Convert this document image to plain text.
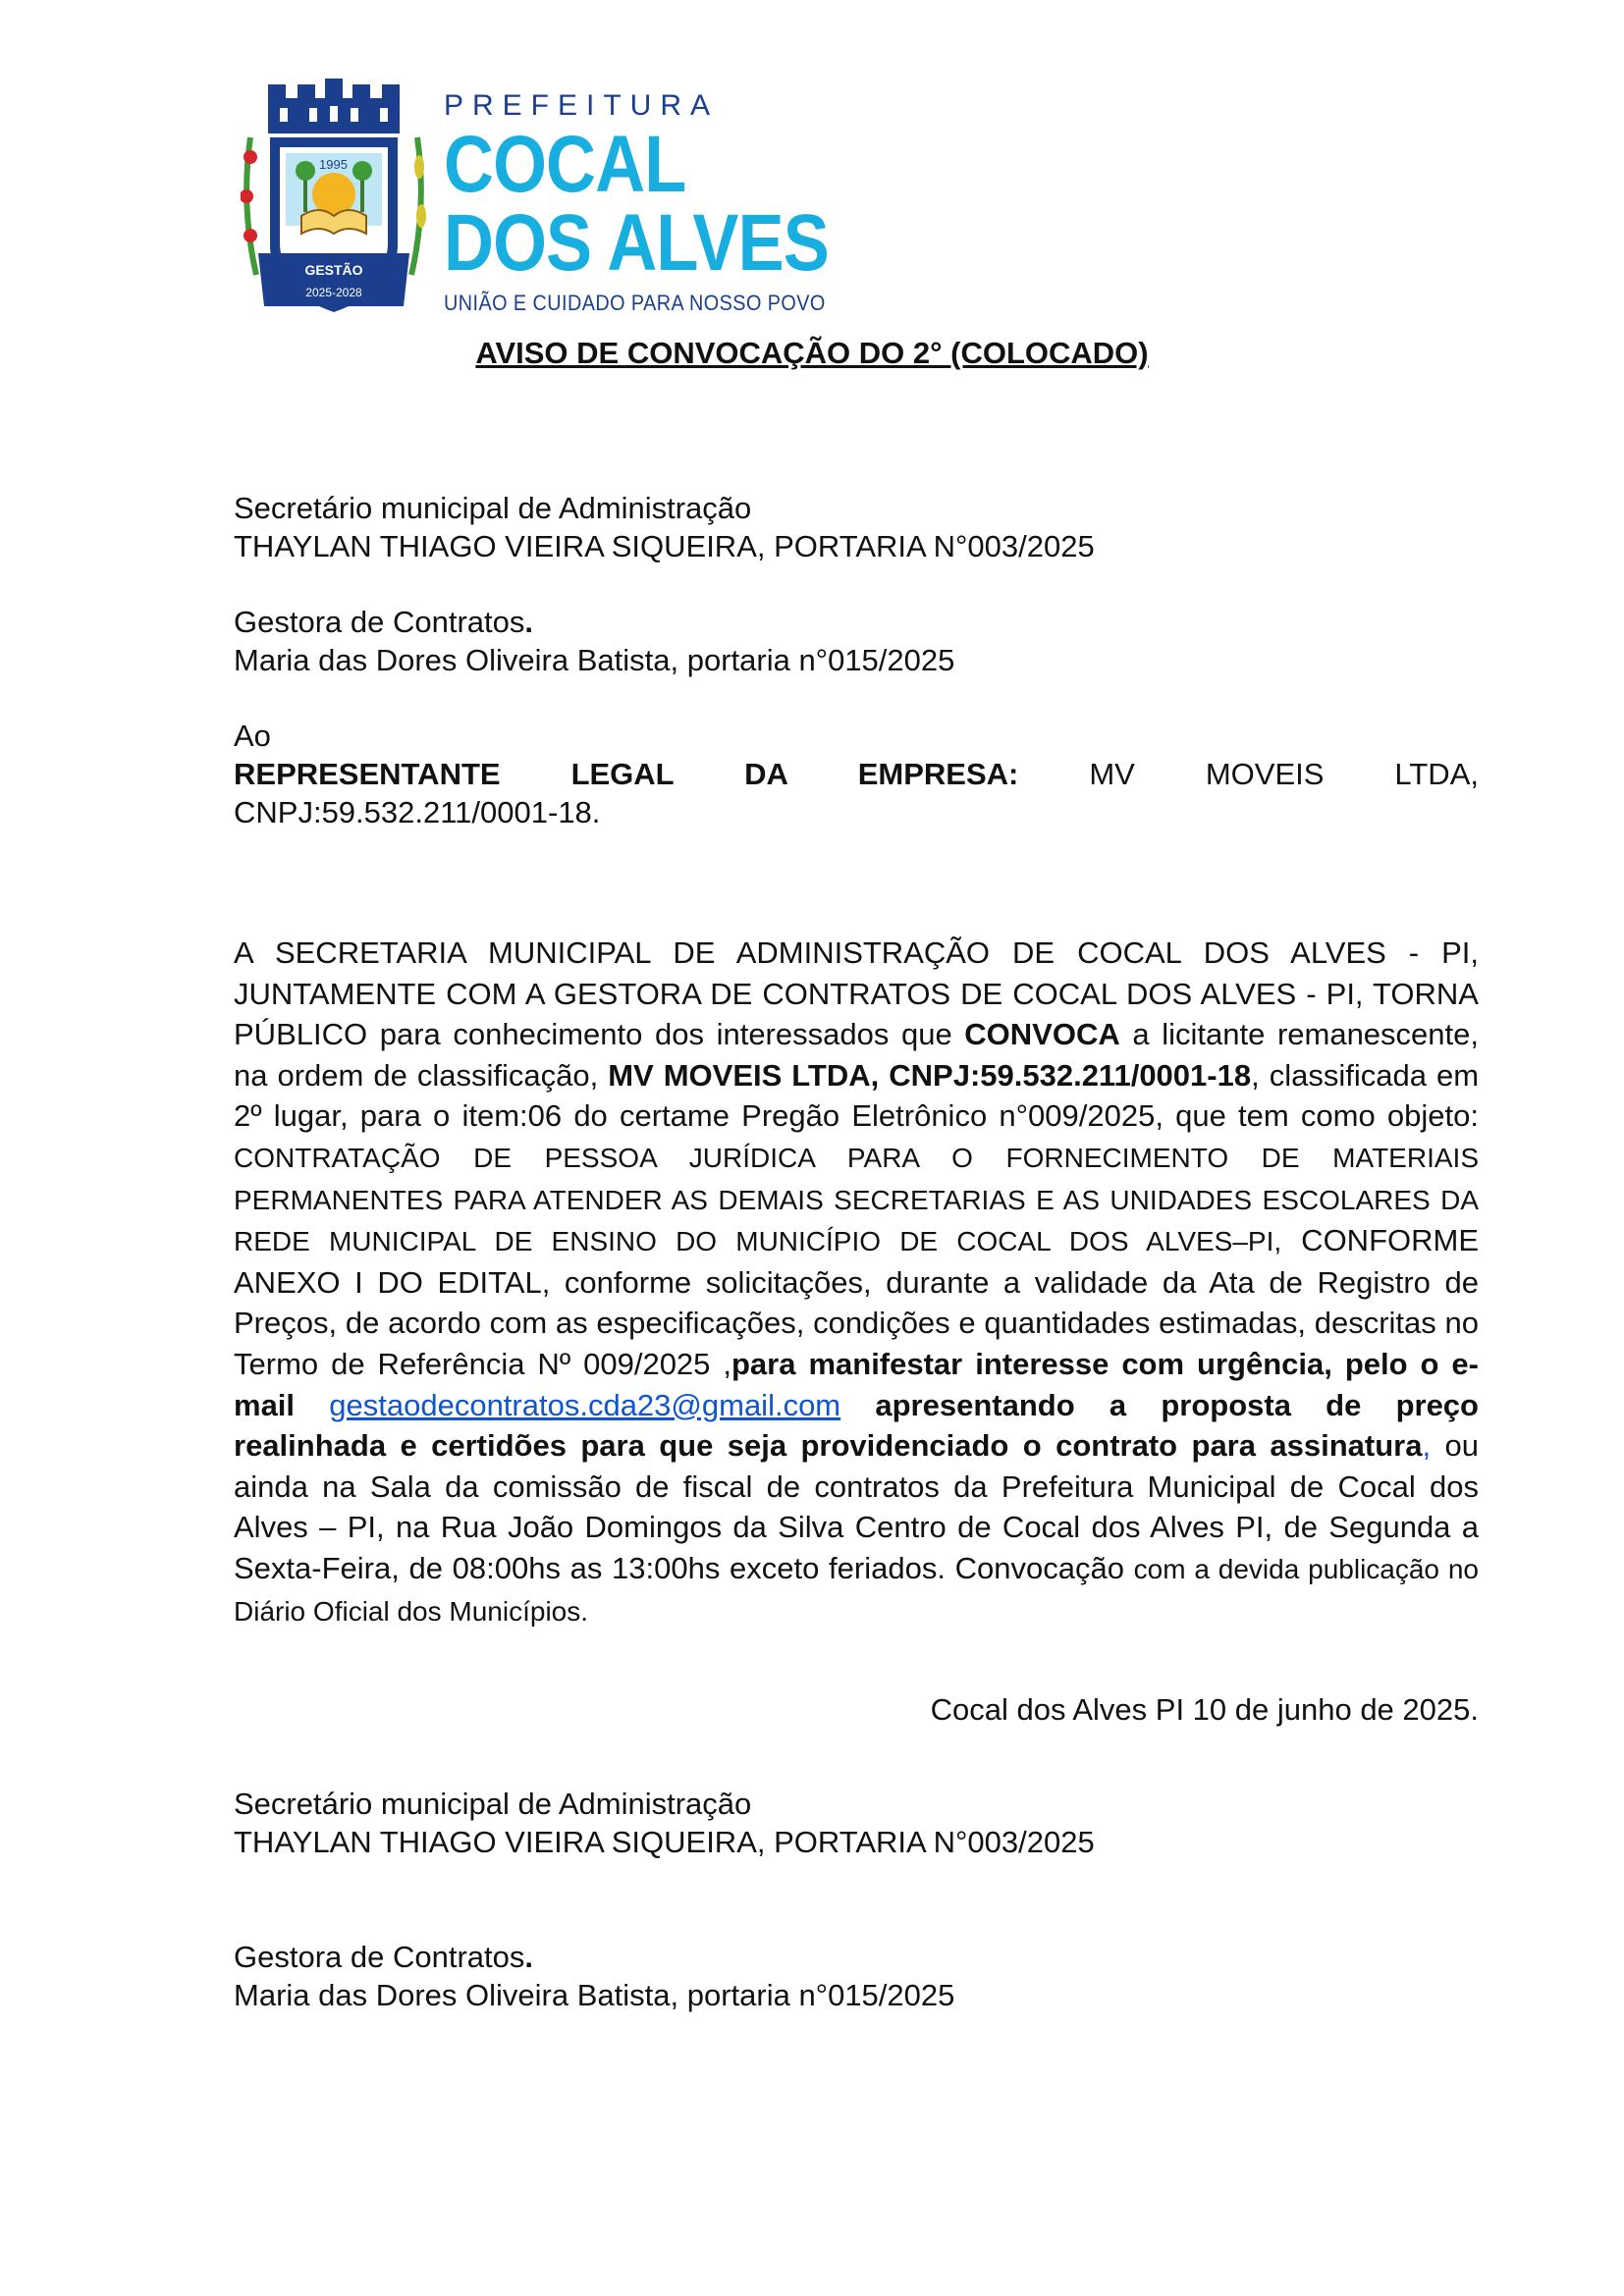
1995
GESTÃO
2025-2028
PREFEITURA
COCAL
DOS ALVES
UNIÃO E CUIDADO PARA NOSSO POVO
AVISO DE CONVOCAÇÃO DO 2° (COLOCADO)

Secretário municipal de Administração

THAYLAN THIAGO VIEIRA SIQUEIRA, PORTARIA N°003/2025

Gestora de Contratos.

Maria das Dores Oliveira Batista, portaria n°015/2025

Ao

REPRESENTANTE LEGAL DA EMPRESA: MV MOVEIS LTDA,

CNPJ:59.532.211/0001-18.

A SECRETARIA MUNICIPAL DE ADMINISTRAÇÃO DE COCAL DOS ALVES - PI, JUNTAMENTE COM A GESTORA DE CONTRATOS DE COCAL DOS ALVES - PI, TORNA PÚBLICO para conhecimento dos interessados que CONVOCA a licitante remanescente, na ordem de classificação, MV MOVEIS LTDA, CNPJ:59.532.211/0001-18, classificada em 2º lugar, para o item:06 do certame Pregão Eletrônico n°009/2025, que tem como objeto: CONTRATAÇÃO DE PESSOA JURÍDICA PARA O FORNECIMENTO DE MATERIAIS PERMANENTES PARA ATENDER AS DEMAIS SECRETARIAS E AS UNIDADES ESCOLARES DA REDE MUNICIPAL DE ENSINO DO MUNICÍPIO DE COCAL DOS ALVES–PI, CONFORME ANEXO I DO EDITAL, conforme solicitações, durante a validade da Ata de Registro de Preços, de acordo com as especificações, condições e quantidades estimadas, descritas no Termo de Referência Nº 009/2025 ,para manifestar interesse com urgência, pelo o e-mail gestaodecontratos.cda23@gmail.com apresentando a proposta de preço realinhada e certidões para que seja providenciado o contrato para assinatura, ou ainda na Sala da comissão de fiscal de contratos da Prefeitura Municipal de Cocal dos Alves – PI, na Rua João Domingos da Silva Centro de Cocal dos Alves PI, de Segunda a Sexta-Feira, de 08:00hs as 13:00hs exceto feriados. Convocação com a devida publicação no Diário Oficial dos Municípios.
Cocal dos Alves PI 10 de junho de 2025.

Secretário municipal de Administração

THAYLAN THIAGO VIEIRA SIQUEIRA, PORTARIA N°003/2025

Gestora de Contratos.

Maria das Dores Oliveira Batista, portaria n°015/2025
